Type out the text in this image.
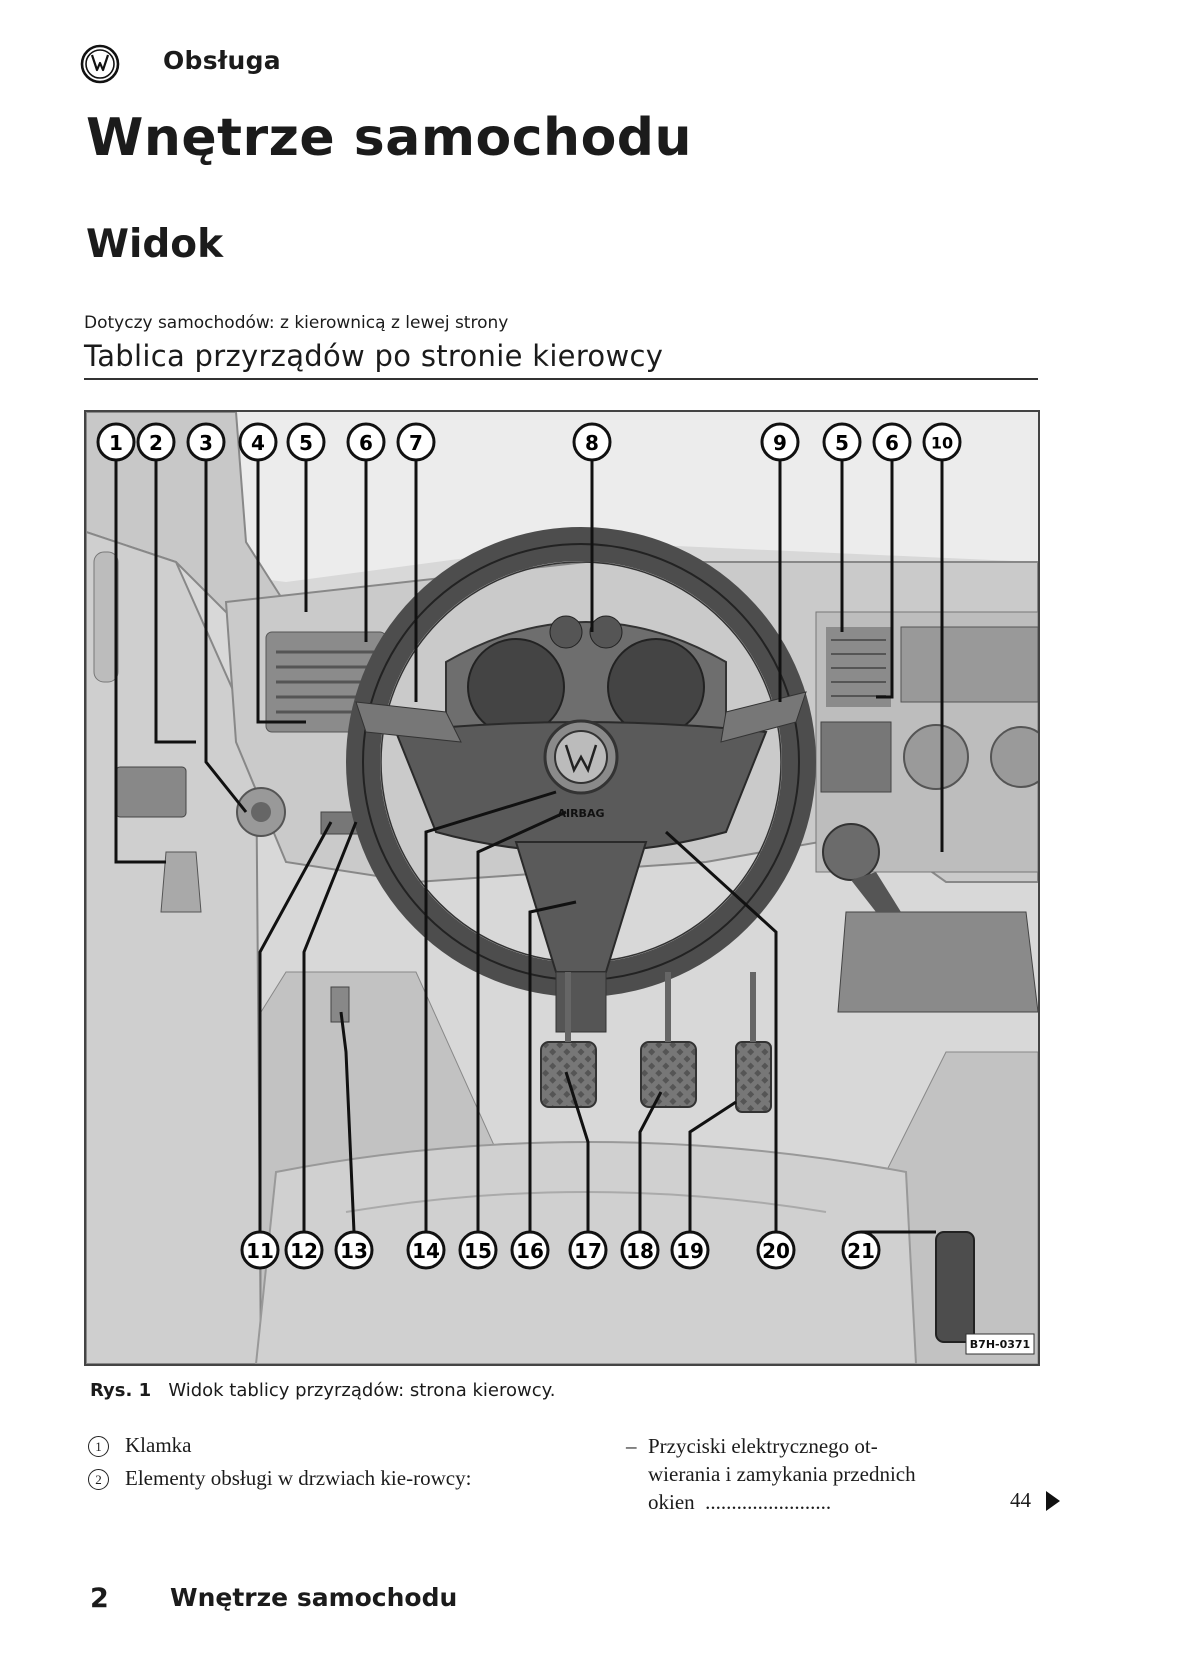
Obsługa
Wnętrze samochodu
Widok
Dotyczy samochodów: z kierownicą z lewej strony
Tablica przyrządów po stronie kierowcy
AIRBAG
1 2 3 4 5 6 7	8	9 5 6 10
11 12 13 14 15 16 17 18 19	20	21
B7H-0371
Rys. 1 Widok tablicy przyrządów: strona kierowcy.
1	Klamka
2	Elementy obsługi w drzwiach kie-rowcy:
– Przyciski elektrycznego ot-
wierania i zamykania przednich
okien ........................	44
2 Wnętrze samochodu
